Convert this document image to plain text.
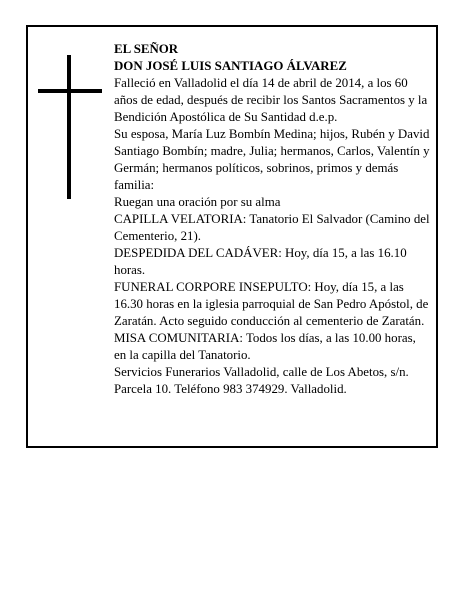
EL SEÑOR

DON JOSÉ LUIS SANTIAGO ÁLVAREZ

Falleció en Valladolid el día 14 de abril de 2014, a los 60 años de edad, después de recibir los Santos Sacramentos y la Bendición Apostólica de Su Santidad d.e.p.

Su esposa, María Luz Bombín Medina; hijos, Rubén y David Santiago Bombín; madre, Julia; hermanos, Carlos, Valentín y Germán; hermanos políticos, sobrinos, primos y demás familia:

Ruegan una oración por su alma

CAPILLA VELATORIA: Tanatorio El Salvador (Camino del Cementerio, 21).

DESPEDIDA DEL CADÁVER: Hoy, día 15, a las 16.10 horas.

FUNERAL CORPORE INSEPULTO: Hoy, día 15, a las 16.30 horas en la iglesia parroquial de San Pedro Apóstol, de Zaratán. Acto seguido conducción al cementerio de Zaratán.

MISA COMUNITARIA: Todos los días, a las 10.00 horas, en la capilla del Tanatorio.

Servicios Funerarios Valladolid, calle de Los Abetos, s/n. Parcela 10. Teléfono 983 374929. Valladolid.
